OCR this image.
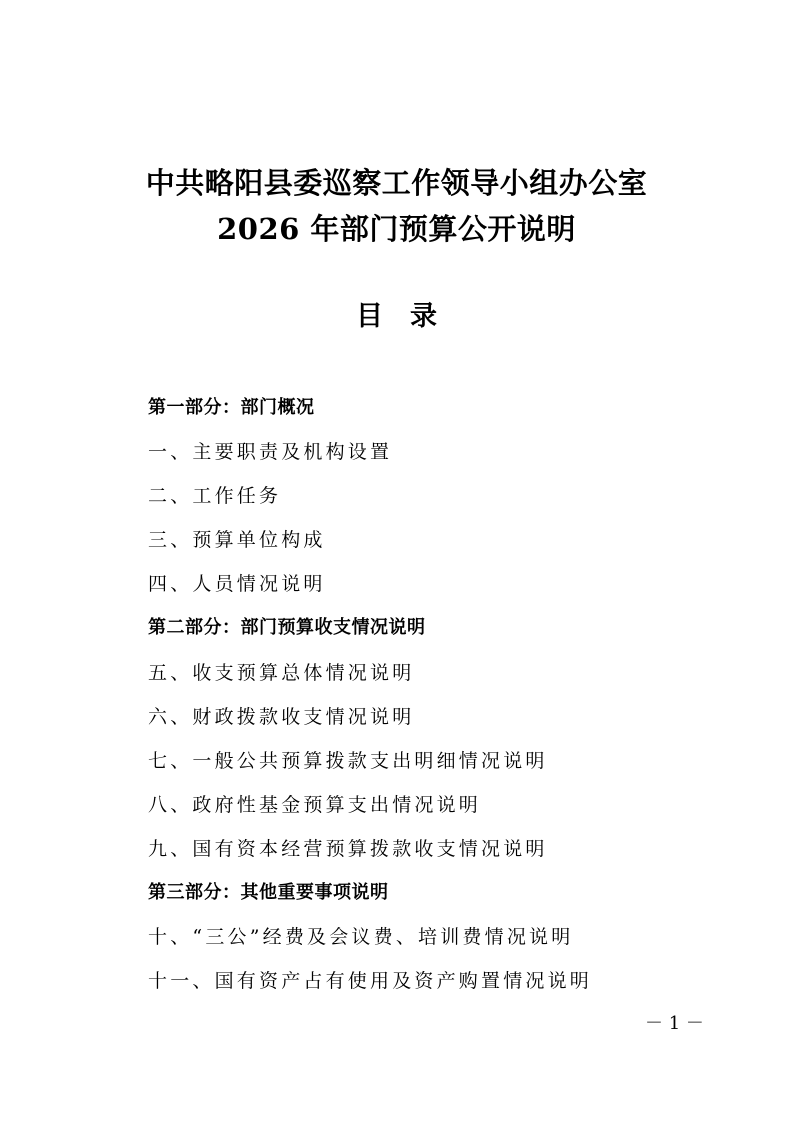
中共略阳县委巡察工作领导小组办公室
2026 年部门预算公开说明
目录
第一部分：部门概况
一、主要职责及机构设置
二、工作任务
三、预算单位构成
四、人员情况说明
第二部分：部门预算收支情况说明
五、收支预算总体情况说明
六、财政拨款收支情况说明
七、一般公共预算拨款支出明细情况说明
八、政府性基金预算支出情况说明
九、国有资本经营预算拨款收支情况说明
第三部分：其他重要事项说明
十、“三公”经费及会议费、培训费情况说明
十一、国有资产占有使用及资产购置情况说明
－ 1 －
